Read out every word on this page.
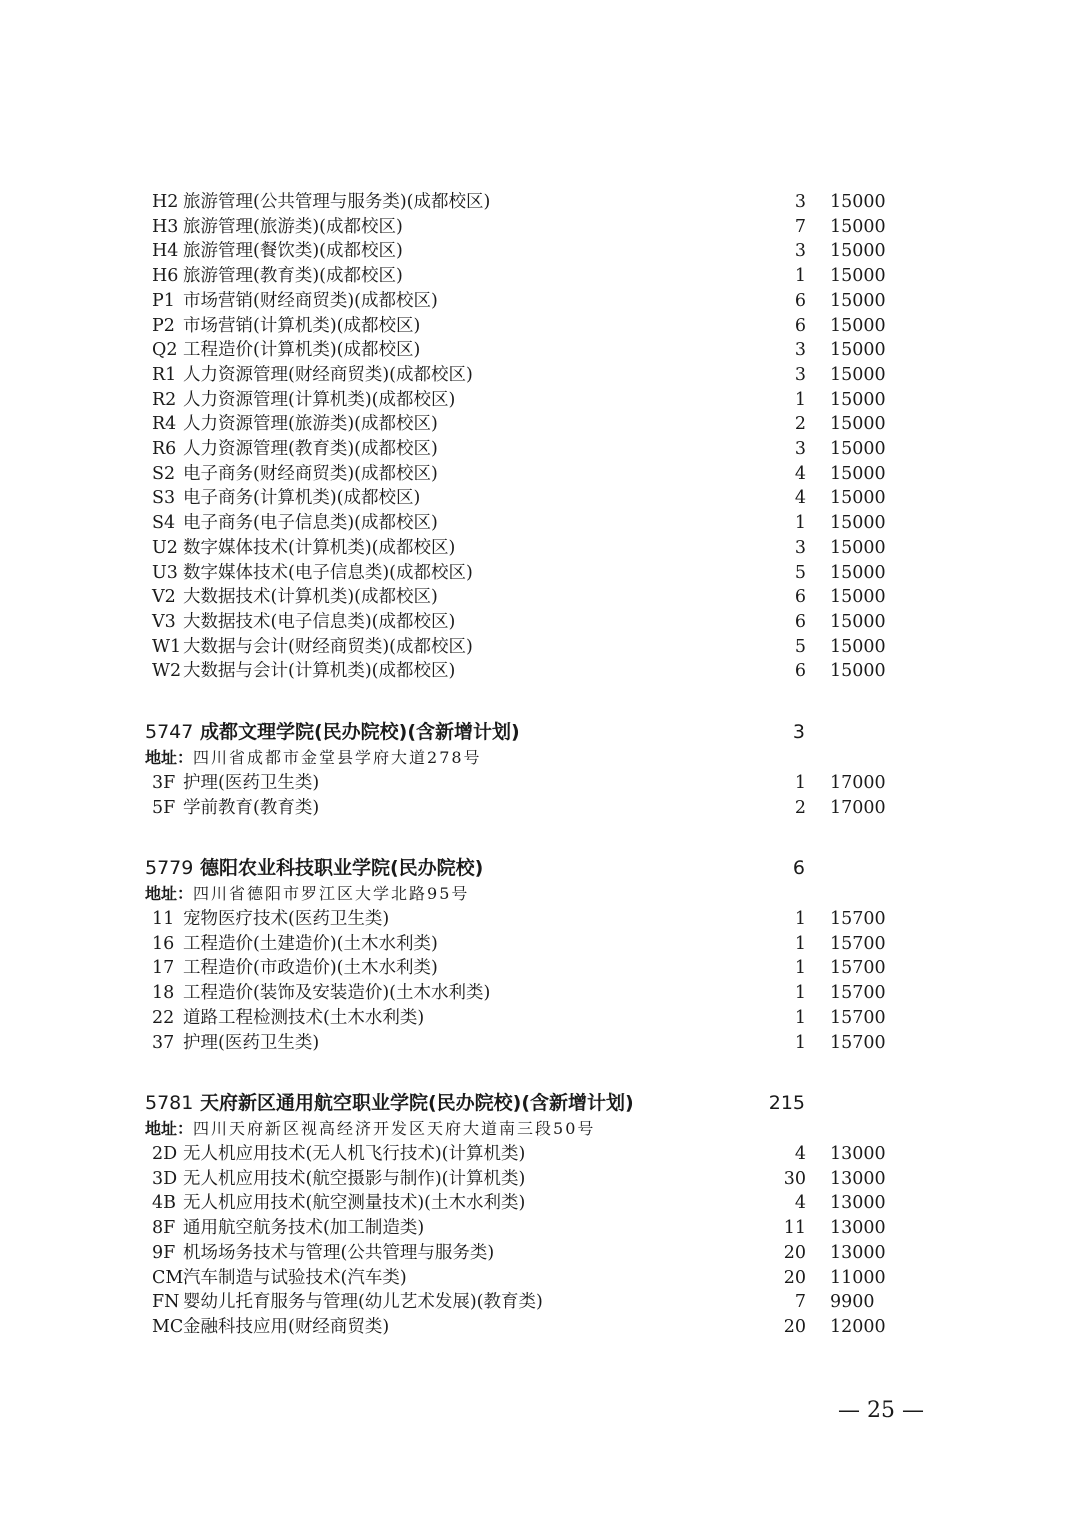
H2 旅游管理(公共管理与服务类)(成都校区)	3 15000
H3 旅游管理(旅游类)(成都校区)	7 15000
H4 旅游管理(餐饮类)(成都校区)	3 15000
H6 旅游管理(教育类)(成都校区)	1 15000
P1 市场营销(财经商贸类)(成都校区)	6 15000
P2 市场营销(计算机类)(成都校区)	6 15000
Q2 工程造价(计算机类)(成都校区)	3 15000
R1 人力资源管理(财经商贸类)(成都校区)	3 15000
R2 人力资源管理(计算机类)(成都校区)	1 15000
R4 人力资源管理(旅游类)(成都校区)	2 15000
R6 人力资源管理(教育类)(成都校区)	3 15000
S2 电子商务(财经商贸类)(成都校区)	4 15000
S3 电子商务(计算机类)(成都校区)	4 15000
S4 电子商务(电子信息类)(成都校区)	1 15000
U2 数字媒体技术(计算机类)(成都校区)	3 15000
U3 数字媒体技术(电子信息类)(成都校区)	5 15000
V2 大数据技术(计算机类)(成都校区)	6 15000
V3 大数据技术(电子信息类)(成都校区)	6 15000
W1 大数据与会计(财经商贸类)(成都校区)	5 15000
W2 大数据与会计(计算机类)(成都校区)	6 15000
5747 成都文理学院(民办院校)(含新增计划)	3
地址：四川省成都市金堂县学府大道278号
3F 护理(医药卫生类)	1 17000
5F 学前教育(教育类)	2 17000
5779 德阳农业科技职业学院(民办院校)	6
地址：四川省德阳市罗江区大学北路95号
11 宠物医疗技术(医药卫生类)	1 15700
16 工程造价(土建造价)(土木水利类)	1 15700
17 工程造价(市政造价)(土木水利类)	1 15700
18 工程造价(装饰及安装造价)(土木水利类)	1 15700
22 道路工程检测技术(土木水利类)	1 15700
37 护理(医药卫生类)	1 15700
5781 天府新区通用航空职业学院(民办院校)(含新增计划)	215
地址：四川天府新区视高经济开发区天府大道南三段50号
2D 无人机应用技术(无人机飞行技术)(计算机类)	4 13000
3D 无人机应用技术(航空摄影与制作)(计算机类)	30 13000
4B 无人机应用技术(航空测量技术)(土木水利类)	4 13000
8F 通用航空航务技术(加工制造类)	11 13000
9F 机场场务技术与管理(公共管理与服务类)	20 13000
CM 汽车制造与试验技术(汽车类)	20 11000
FN 婴幼儿托育服务与管理(幼儿艺术发展)(教育类)	7 9900
MC 金融科技应用(财经商贸类)	20 12000
— 25 —
